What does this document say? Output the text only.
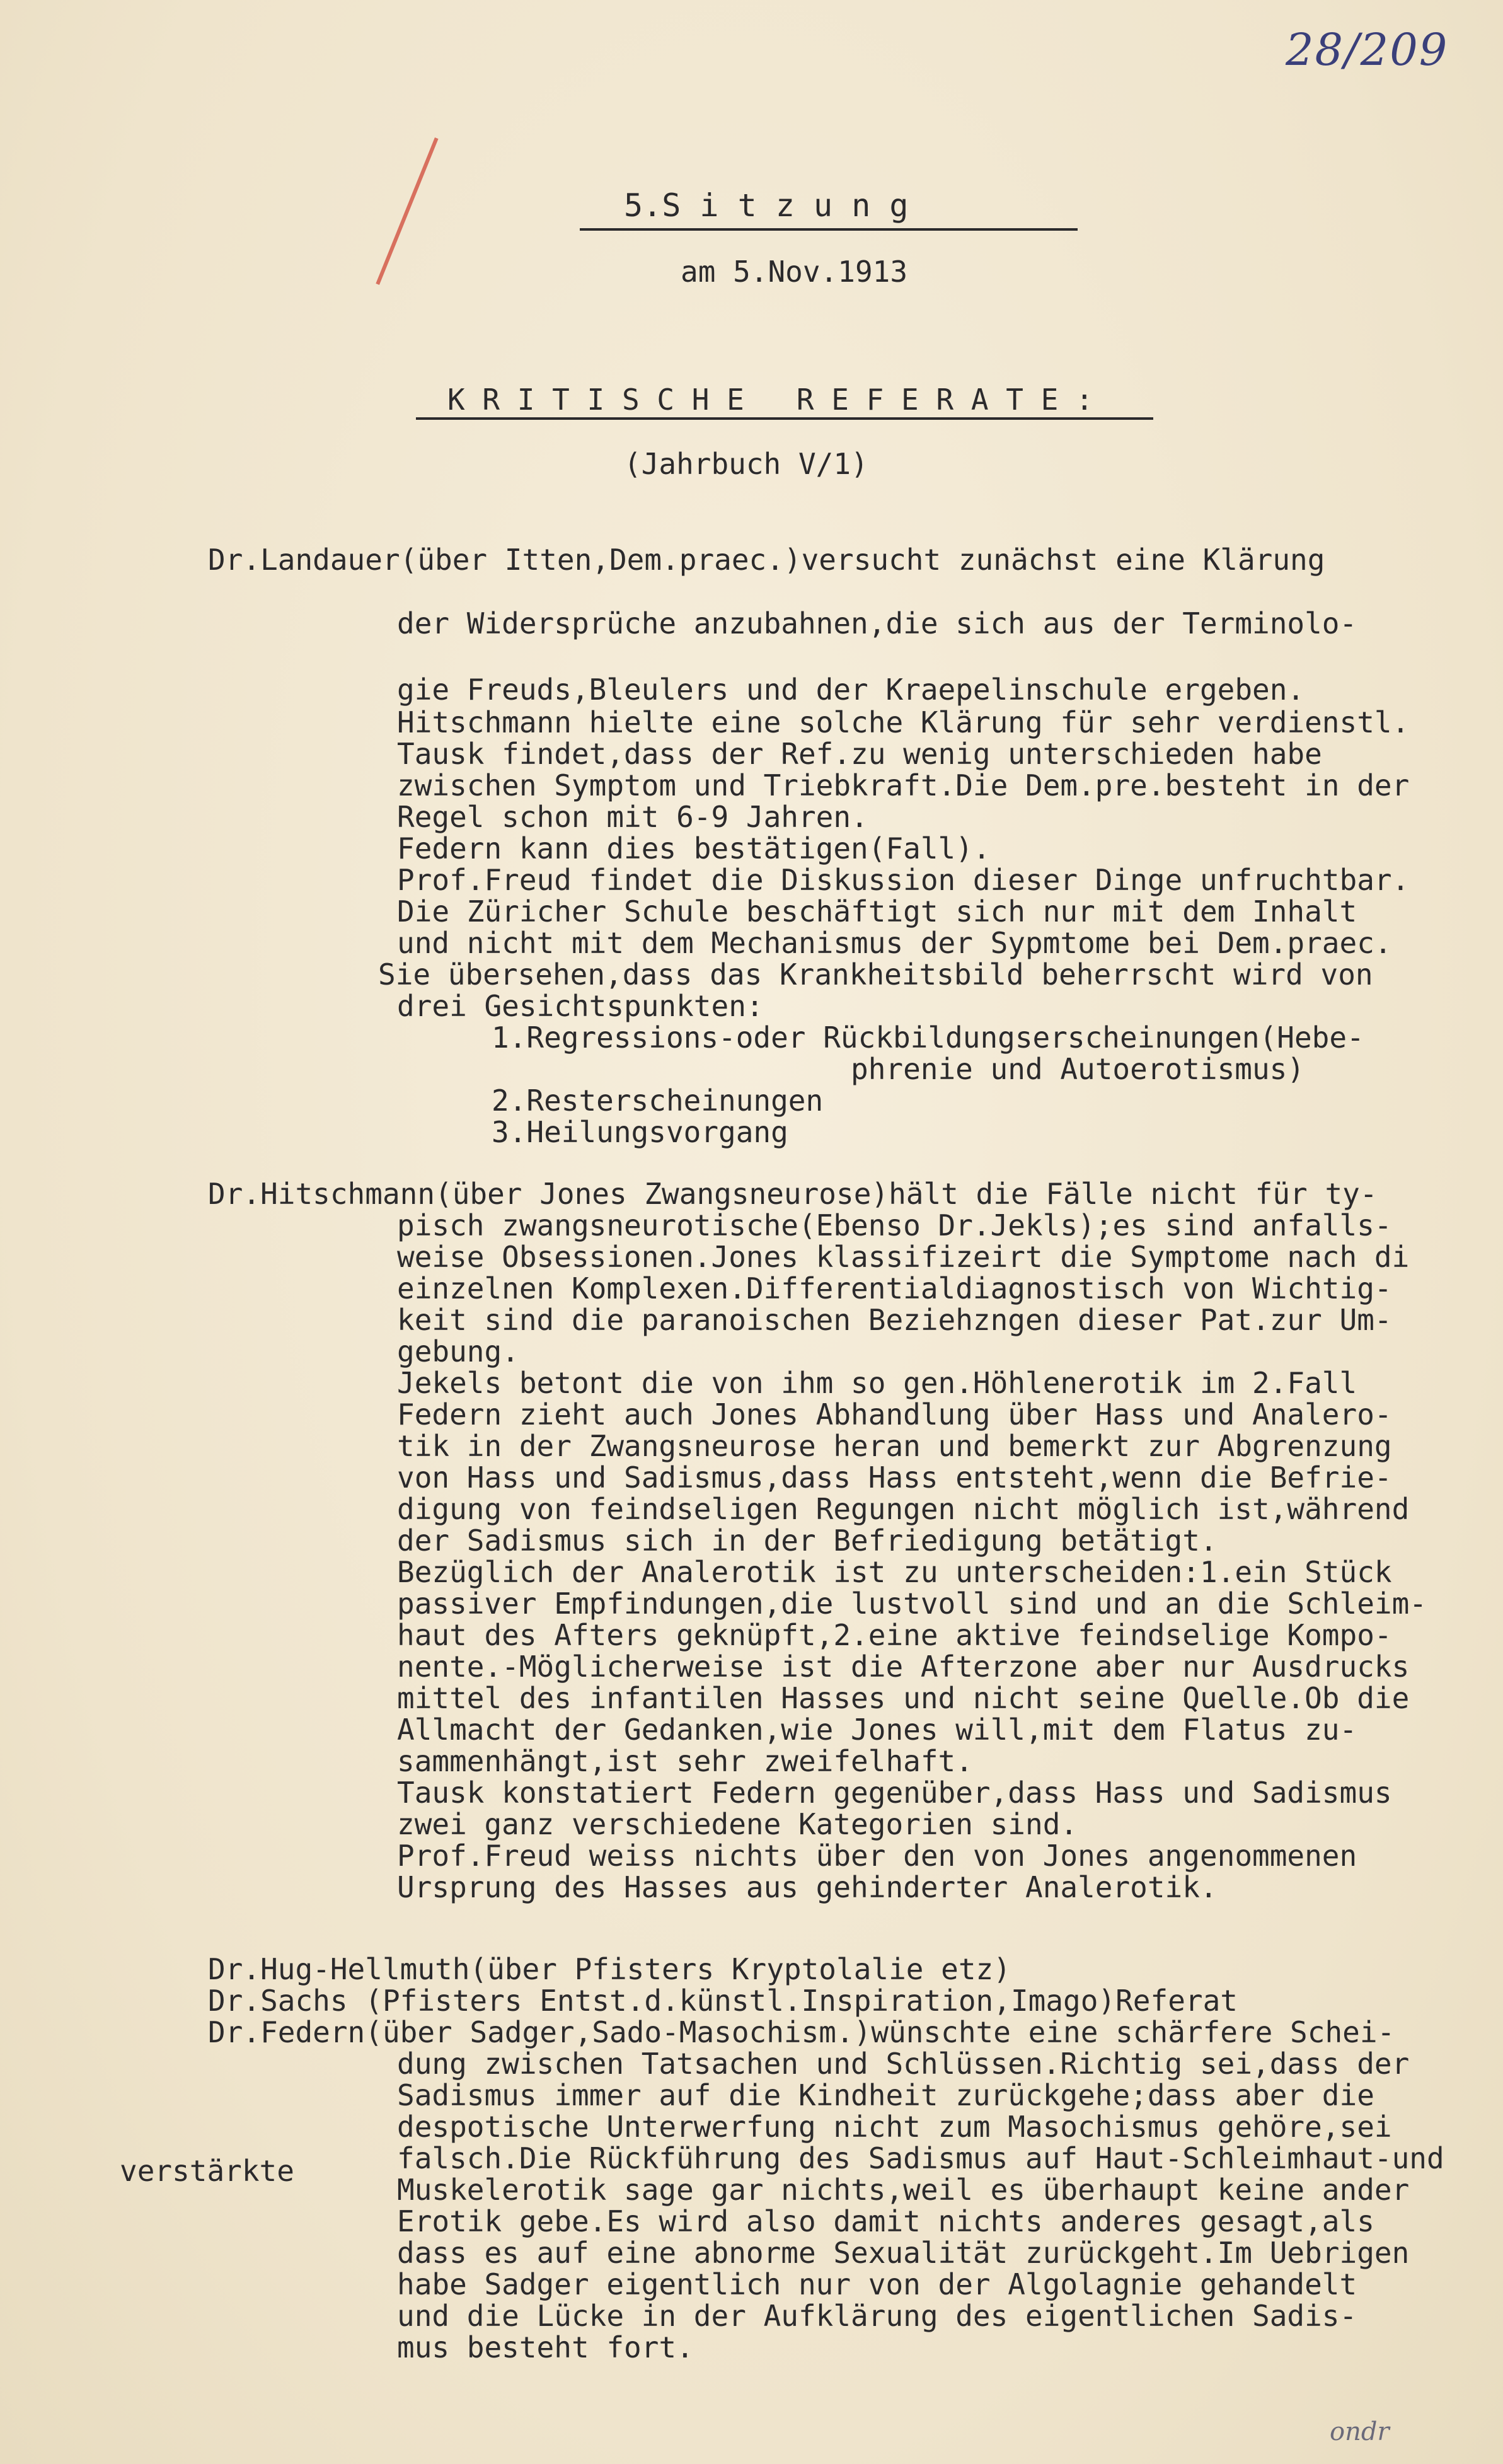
28/209
5.S i t z u n g
am 5.Nov.1913
K R I T I S C H E   R E F E R A T E :
(Jahrbuch V/1)
Dr.Landauer(über Itten,Dem.praec.)versucht zunächst eine Klärung
der Widersprüche anzubahnen,die sich aus der Terminolo-
gie Freuds,Bleulers und der Kraepelinschule ergeben.
Hitschmann hielte eine solche Klärung für sehr verdienstl.
Tausk findet,dass der Ref.zu wenig unterschieden habe
zwischen Symptom und Triebkraft.Die Dem.pre.besteht in der
Regel schon mit 6-9 Jahren.
Federn kann dies bestätigen(Fall).
Prof.Freud findet die Diskussion dieser Dinge unfruchtbar.
Die Züricher Schule beschäftigt sich nur mit dem Inhalt
und nicht mit dem Mechanismus der Sypmtome bei Dem.praec.
Sie übersehen,dass das Krankheitsbild beherrscht wird von
drei Gesichtspunkten:
1.Regressions-oder Rückbildungserscheinungen(Hebe-
phrenie und Autoerotismus)
2.Resterscheinungen
3.Heilungsvorgang
Dr.Hitschmann(über Jones Zwangsneurose)hält die Fälle nicht für ty-
pisch zwangsneurotische(Ebenso Dr.Jekls);es sind anfalls-
weise Obsessionen.Jones klassifizeirt die Symptome nach di
einzelnen Komplexen.Differentialdiagnostisch von Wichtig-
keit sind die paranoischen Beziehzngen dieser Pat.zur Um-
gebung.
Jekels betont die von ihm so gen.Höhlenerotik im 2.Fall
Federn zieht auch Jones Abhandlung über Hass und Analero-
tik in der Zwangsneurose heran und bemerkt zur Abgrenzung
von Hass und Sadismus,dass Hass entsteht,wenn die Befrie-
digung von feindseligen Regungen nicht möglich ist,während
der Sadismus sich in der Befriedigung betätigt.
Bezüglich der Analerotik ist zu unterscheiden:1.ein Stück
passiver Empfindungen,die lustvoll sind und an die Schleim-
haut des Afters geknüpft,2.eine aktive feindselige Kompo-
nente.-Möglicherweise ist die Afterzone aber nur Ausdrucks
mittel des infantilen Hasses und nicht seine Quelle.Ob die
Allmacht der Gedanken,wie Jones will,mit dem Flatus zu-
sammenhängt,ist sehr zweifelhaft.
Tausk konstatiert Federn gegenüber,dass Hass und Sadismus
zwei ganz verschiedene Kategorien sind.
Prof.Freud weiss nichts über den von Jones angenommenen
Ursprung des Hasses aus gehinderter Analerotik.
Dr.Hug-Hellmuth(über Pfisters Kryptolalie etz)
Dr.Sachs (Pfisters Entst.d.künstl.Inspiration,Imago)Referat
Dr.Federn(über Sadger,Sado-Masochism.)wünschte eine schärfere Schei-
dung zwischen Tatsachen und Schlüssen.Richtig sei,dass der
Sadismus immer auf die Kindheit zurückgehe;dass aber die
despotische Unterwerfung nicht zum Masochismus gehöre,sei
falsch.Die Rückführung des Sadismus auf Haut-Schleimhaut-und
Muskelerotik sage gar nichts,weil es überhaupt keine ander
Erotik gebe.Es wird also damit nichts anderes gesagt,als
dass es auf eine abnorme Sexualität zurückgeht.Im Uebrigen
habe Sadger eigentlich nur von der Algolagnie gehandelt
und die Lücke in der Aufklärung des eigentlichen Sadis-
mus besteht fort.
verstärkte
ondr
